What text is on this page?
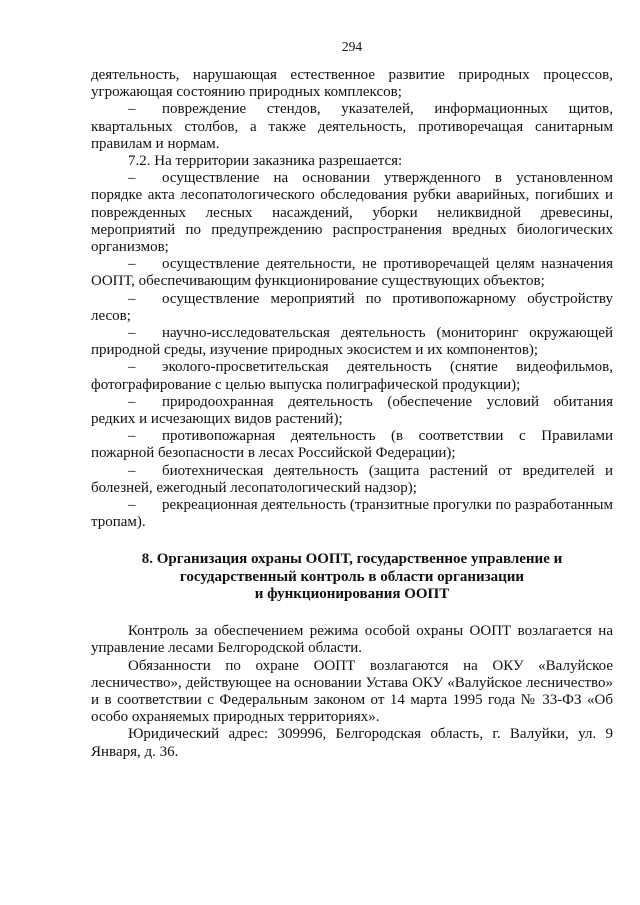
294

деятельность, нарушающая естественное развитие природных процессов, угрожающая состоянию природных комплексов;

– повреждение стендов, указателей, информационных щитов, квартальных столбов, а также деятельность, противоречащая санитарным правилам и нормам.

7.2. На территории заказника разрешается:

– осуществление на основании утвержденного в установленном порядке акта лесопатологического обследования рубки аварийных, погибших и поврежденных лесных насаждений, уборки неликвидной древесины, мероприятий по предупреждению распространения вредных биологических организмов;

– осуществление деятельности, не противоречащей целям назначения ООПТ, обеспечивающим функционирование существующих объектов;

– осуществление мероприятий по противопожарному обустройству лесов;

– научно-исследовательская деятельность (мониторинг окружающей природной среды, изучение природных экосистем и их компонентов);

– эколого-просветительская деятельность (снятие видеофильмов, фотографирование с целью выпуска полиграфической продукции);

– природоохранная деятельность (обеспечение условий обитания редких и исчезающих видов растений);

– противопожарная деятельность (в соответствии с Правилами пожарной безопасности в лесах Российской Федерации);

– биотехническая деятельность (защита растений от вредителей и болезней, ежегодный лесопатологический надзор);

– рекреационная деятельность (транзитные прогулки по разработанным тропам).

8. Организация охраны ООПТ, государственное управление и
государственный контроль в области организации
и функционирования ООПТ

Контроль за обеспечением режима особой охраны ООПТ возлагается на управление лесами Белгородской области.

Обязанности по охране ООПТ возлагаются на ОКУ «Валуйское лесничество», действующее на основании Устава ОКУ «Валуйское лесничество» и в соответствии с Федеральным законом от 14 марта 1995 года № 33-ФЗ «Об особо охраняемых природных территориях».

Юридический адрес: 309996, Белгородская область, г. Валуйки, ул. 9 Января, д. 36.
